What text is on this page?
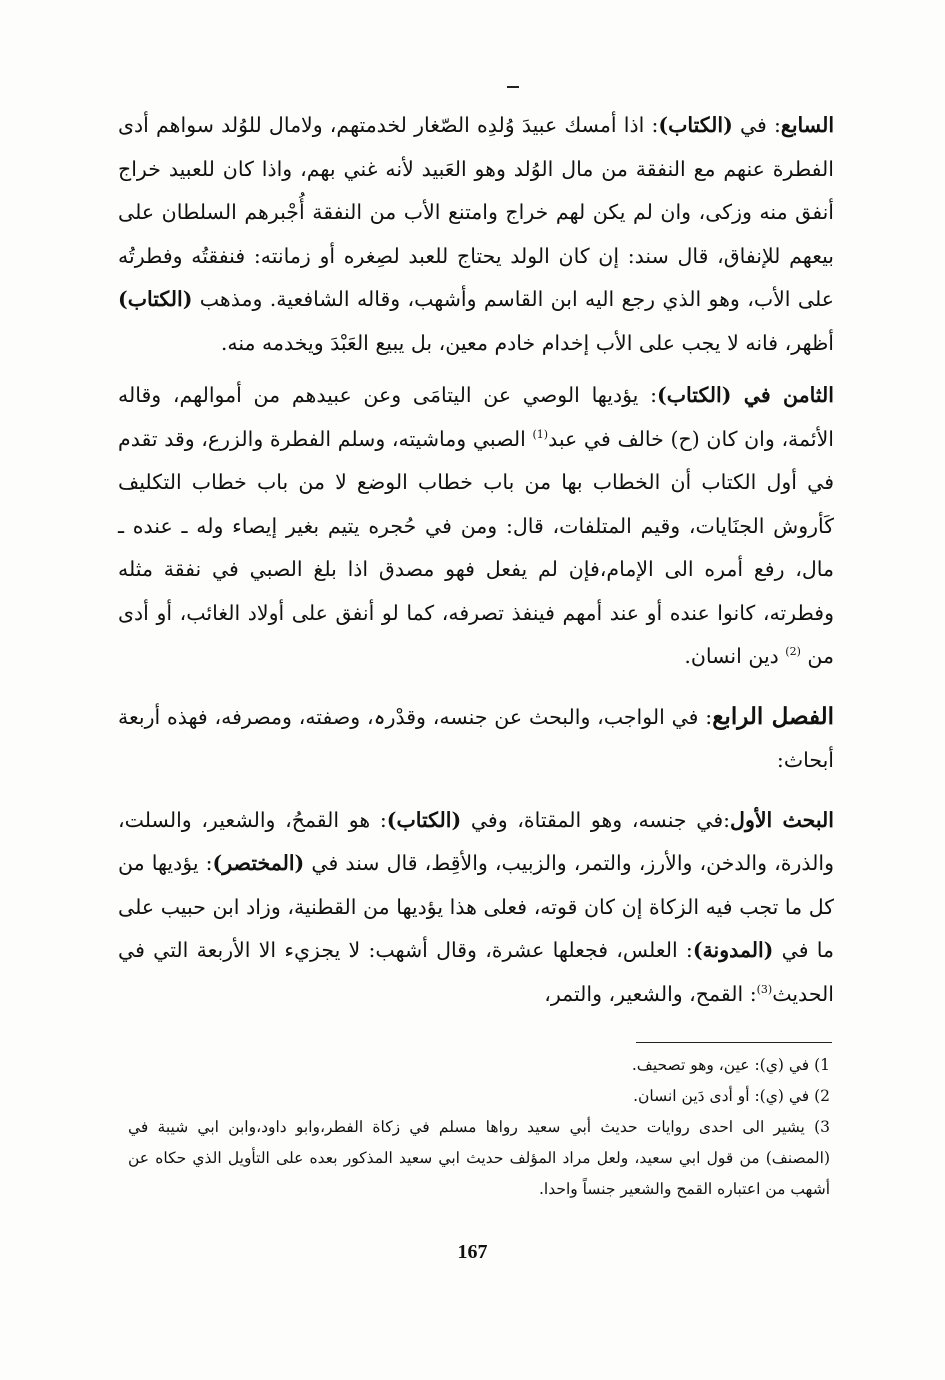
السابع: في (الكتاب): اذا أمسك عبيدَ وُلدِه الصّغار لخدمتهم، ولامال للوُلد سواهم أدى الفطرة عنهم مع النفقة من مال الوُلد وهو العَبيد لأنه غني بهم، واذا كان للعبيد خراج أنفق منه وزكى، وان لم يكن لهم خراج وامتنع الأب من النفقة أُجْبرهم السلطان على بيعهم للإنفاق، قال سند: إن كان الولد يحتاج للعبد لصِغره أو زمانته: فنفقتُه وفطرتُه على الأب، وهو الذي رجع اليه ابن القاسم وأشهب، وقاله الشافعية. ومذهب (الكتاب) أظهر، فانه لا يجب على الأب إخدام خادم معين، بل يبيع العَبْدَ ويخدمه منه.

الثامن في (الكتاب): يؤديها الوصي عن اليتامَى وعن عبيدهم من أموالهم، وقاله الأئمة، وان كان (ح) خالف في عبد$^{(1)}$ الصبي وماشيته، وسلم الفطرة والزرع، وقد تقدم في أول الكتاب أن الخطاب بها من باب خطاب الوضع لا من باب خطاب التكليف كَأروش الجنَايات، وقيم المتلفات، قال: ومن في حُجره يتيم بغير إيصاء وله ـ عنده ـ مال، رفع أمره الى الإمام،فإن لم يفعل فهو مصدق اذا بلغ الصبي في نفقة مثله وفطرته، كانوا عنده أو عند أمهم فينفذ تصرفه، كما لو أنفق على أولاد الغائب، أو أدى من $^{(2)}$ دين انسان.

الفصل الرابع: في الواجب، والبحث عن جنسه، وقدْرہ، وصفته، ومصرفه، فهذه أربعة أبحاث:

البحث الأول:في جنسه، وهو المقتاة، وفي (الكتاب): هو القمحُ، والشعير، والسلت، والذرة، والدخن، والأرز، والتمر، والزبيب، والأقِط، قال سند في (المختصر): يؤديها من كل ما تجب فيه الزكاة إن كان قوته، فعلى هذا يؤديها من القطنية، وزاد ابن حبيب على ما في (المدونة): العلس، فجعلها عشرة، وقال أشهب: لا يجزيء الا الأربعة التي في الحديث$^{(3)}$: القمح، والشعير، والتمر،

1) في (ي): عين، وهو تصحيف.

2) في (ي): أو أدى دَين انسان.

3) يشير الى احدى روايات حديث أبي سعيد رواها مسلم في زكاة الفطر،وابو داود،وابن ابي شيبة في (المصنف) من قول ابي سعيد، ولعل مراد المؤلف حديث ابي سعيد المذكور بعده على التأويل الذي حكاه عن أشهب من اعتباره القمح والشعير جنساً واحدا.

167
